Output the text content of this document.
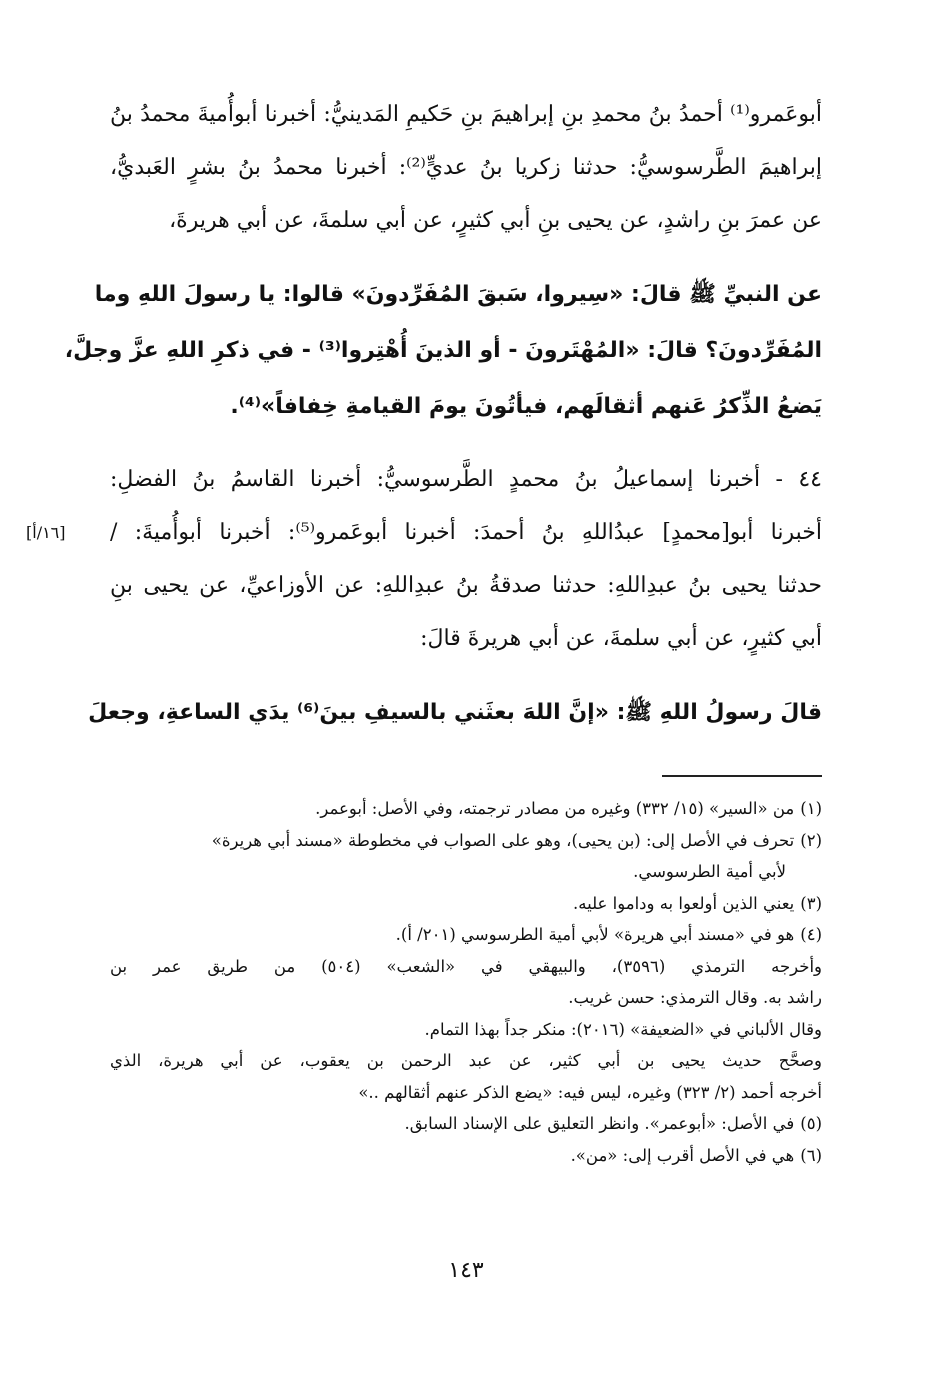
أبوعَمرو⁽¹⁾ أحمدُ بنُ محمدِ بنِ إبراهيمَ بنِ حَكيمِ المَدينيُّ: أخبرنا أبوأُميةَ محمدُ بنُ
إبراهيمَ الطَّرسوسيُّ: حدثنا زكريا بنُ عديٍّ⁽²⁾: أخبرنا محمدُ بنُ بشرٍ العَبديُّ،
عن عمرَ بنِ راشدٍ، عن يحيى بنِ أبي كثيرٍ، عن أبي سلمةَ، عن أبي هريرةَ،
عن النبيِّ ﷺ قالَ: «سِيروا، سَبقَ المُفَرِّدونَ» قالوا: يا رسولَ اللهِ وما
المُفَرِّدونَ؟ قالَ: «المُهْتَرونَ - أو الذينَ أُهْتِروا⁽³⁾ - في ذكرِ اللهِ عزَّ وجلَّ،
يَضعُ الذِّكرُ عَنهم أثقالَهم، فيأتُونَ يومَ القيامةِ خِفافاً»⁽⁴⁾.
٤٤ - أخبرنا إسماعيلُ بنُ محمدٍ الطَّرسوسيُّ: أخبرنا القاسمُ بنُ الفضلِ:
أخبرنا أبو[محمدٍ] عبدُاللهِ بنُ أحمدَ: أخبرنا أبوعَمرو⁽⁵⁾: أخبرنا أبوأُميةَ: /
[١٦/أ]
حدثنا يحيى بنُ عبدِاللهِ: حدثنا صدقةُ بنُ عبدِاللهِ: عن الأوزاعيِّ، عن يحيى بنِ
أبي كثيرٍ، عن أبي سلمةَ، عن أبي هريرةَ قالَ:
قالَ رسولُ اللهِ ﷺ: «إنَّ اللهَ بعثَني بالسيفِ بينَ⁽⁶⁾ يدَي الساعةِ، وجعلَ
(١)من «السير» (١٥/ ٣٣٢) وغيره من مصادر ترجمته، وفي الأصل: أبوعمر.
(٢)تحرف في الأصل إلى: (بن يحيى)، وهو على الصواب في مخطوطة «مسند أبي هريرة»
لأبي أمية الطرسوسي.
(٣)يعني الذين أولعوا به وداموا عليه.
(٤)هو في «مسند أبي هريرة» لأبي أمية الطرسوسي (٢٠١/ أ).
وأخرجه الترمذي (٣٥٩٦)، والبيهقي في «الشعب» (٥٠٤) من طريق عمر بن
راشد به. وقال الترمذي: حسن غريب.
وقال الألباني في «الضعيفة» (٢٠١٦): منكر جداً بهذا التمام.
وصحَّح حديث يحيى بن أبي كثير، عن عبد الرحمن بن يعقوب، عن أبي هريرة، الذي
أخرجه أحمد (٢/ ٣٢٣) وغيره، ليس فيه: «يضع الذكر عنهم أثقالهم ..»
(٥)في الأصل: «أبوعمر». وانظر التعليق على الإسناد السابق.
(٦)هي في الأصل أقرب إلى: «من».
١٤٣
